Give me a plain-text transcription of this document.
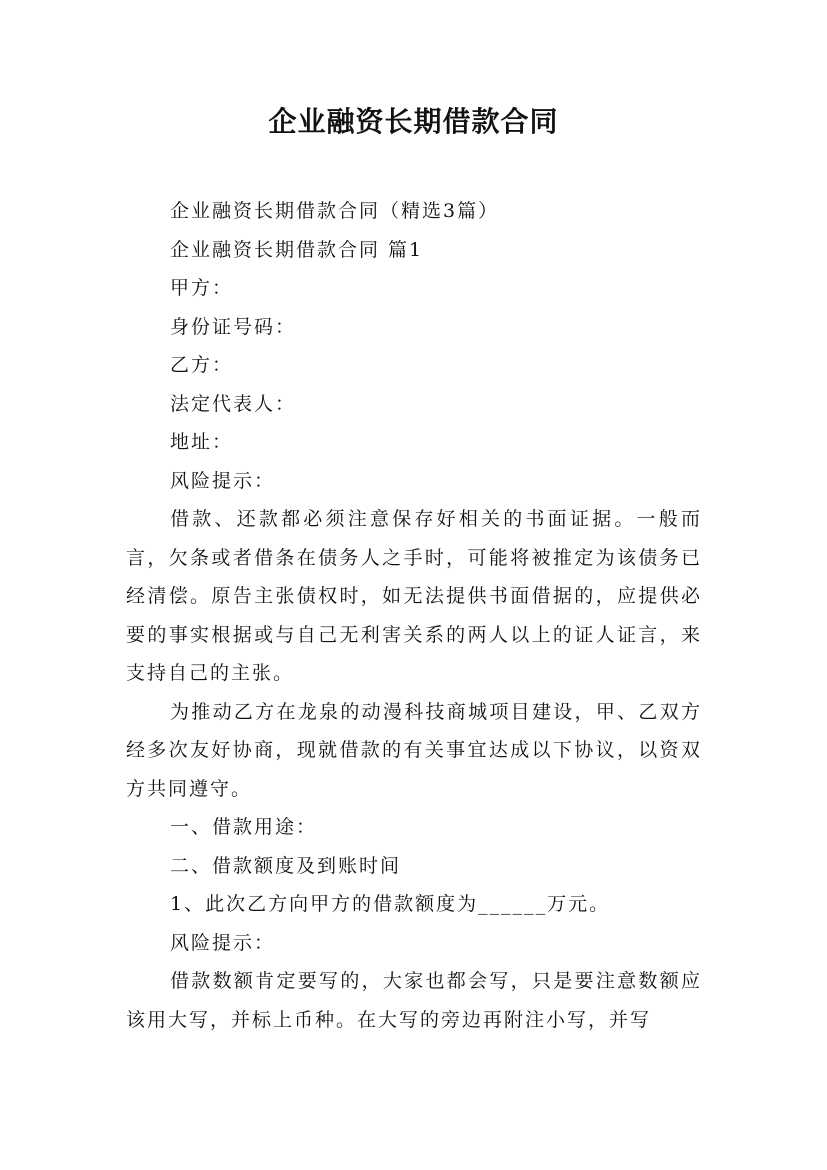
企业融资长期借款合同

企业融资长期借款合同（精选3篇）

企业融资长期借款合同 篇1

甲方：

身份证号码：

乙方：

法定代表人：

地址：

风险提示：

借款、还款都必须注意保存好相关的书面证据。一般而言，欠条或者借条在债务人之手时，可能将被推定为该债务已经清偿。原告主张债权时，如无法提供书面借据的，应提供必要的事实根据或与自己无利害关系的两人以上的证人证言，来支持自己的主张。

为推动乙方在龙泉的动漫科技商城项目建设，甲、乙双方经多次友好协商，现就借款的有关事宜达成以下协议，以资双方共同遵守。

一、借款用途：

二、借款额度及到账时间

1、此次乙方向甲方的借款额度为______万元。

风险提示：

借款数额肯定要写的，大家也都会写，只是要注意数额应该用大写，并标上币种。在大写的旁边再附注小写，并写
